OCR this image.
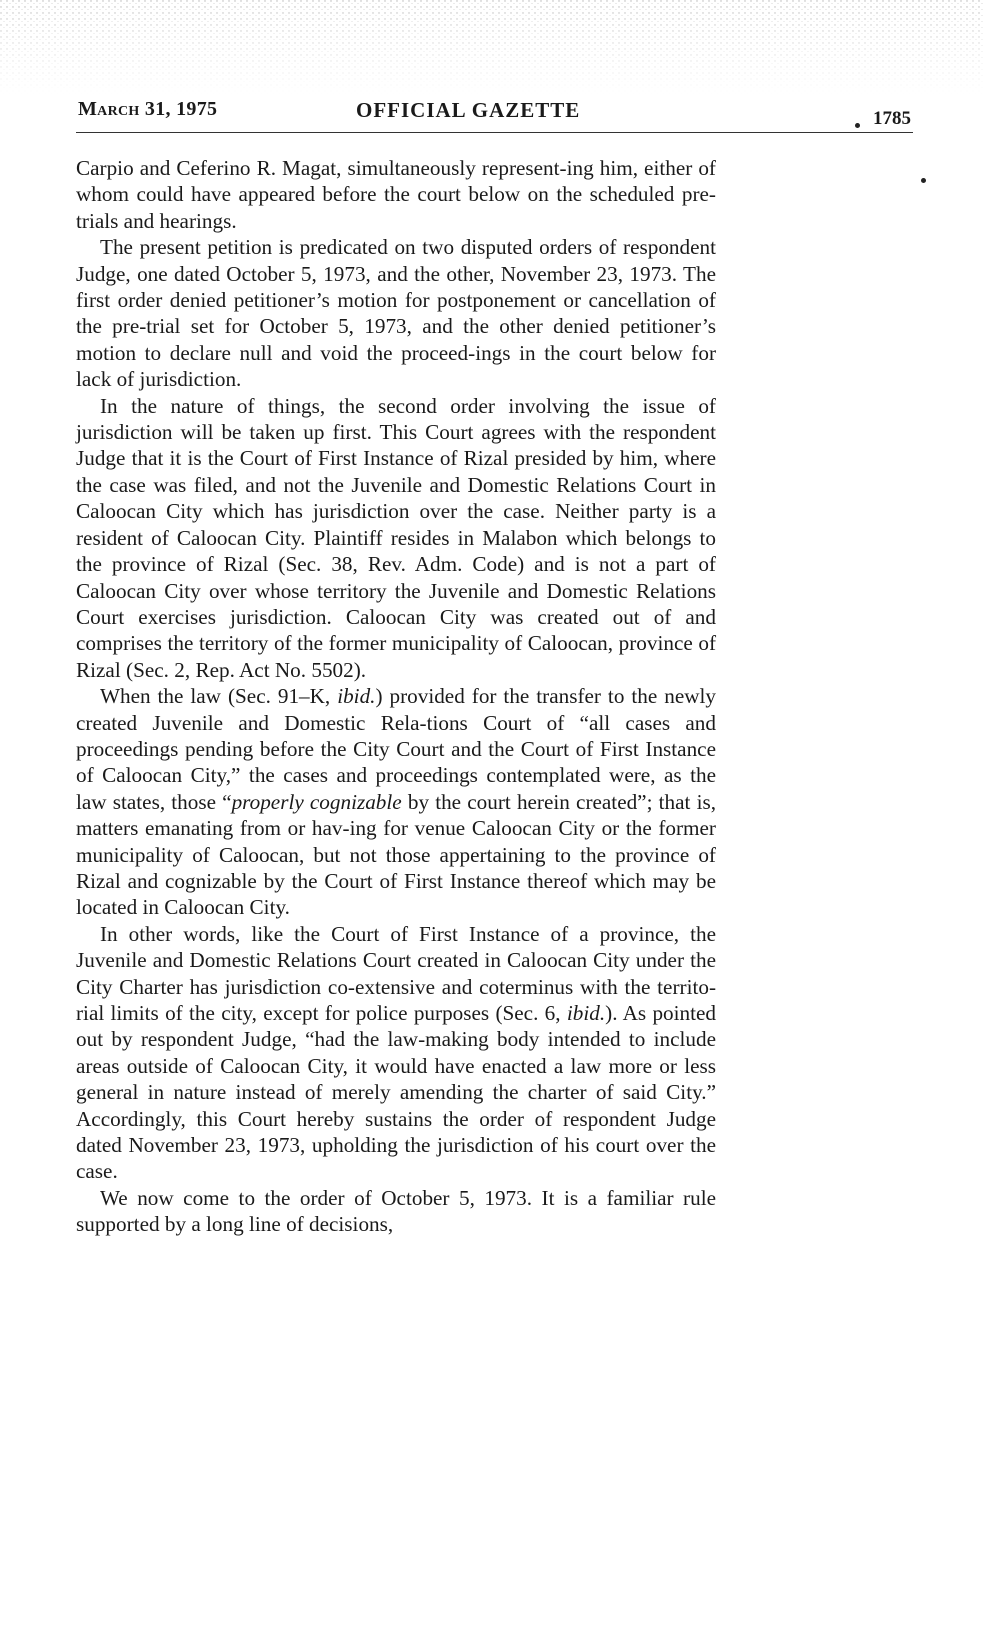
March 31, 1975	OFFICIAL GAZETTE	1785

Carpio and Ceferino R. Magat, simultaneously represent-ing him, either of whom could have appeared before the court below on the scheduled pre-trials and hearings.

The present petition is predicated on two disputed orders of respondent Judge, one dated October 5, 1973, and the other, November 23, 1973. The first order denied petitioner’s motion for postponement or cancellation of the pre-trial set for October 5, 1973, and the other denied petitioner’s motion to declare null and void the proceed-ings in the court below for lack of jurisdiction.

In the nature of things, the second order involving the issue of jurisdiction will be taken up first. This Court agrees with the respondent Judge that it is the Court of First Instance of Rizal presided by him, where the case was filed, and not the Juvenile and Domestic Relations Court in Caloocan City which has jurisdiction over the case. Neither party is a resident of Caloocan City. Plaintiff resides in Malabon which belongs to the province of Rizal (Sec. 38, Rev. Adm. Code) and is not a part of Caloocan City over whose territory the Juvenile and Domestic Relations Court exercises jurisdiction. Caloocan City was created out of and comprises the territory of the former municipality of Caloocan, province of Rizal (Sec. 2, Rep. Act No. 5502).

When the law (Sec. 91–K, ibid.) provided for the transfer to the newly created Juvenile and Domestic Rela-tions Court of “all cases and proceedings pending before the City Court and the Court of First Instance of Caloocan City,” the cases and proceedings contemplated were, as the law states, those “properly cognizable by the court herein created”; that is, matters emanating from or hav-ing for venue Caloocan City or the former municipality of Caloocan, but not those appertaining to the province of Rizal and cognizable by the Court of First Instance thereof which may be located in Caloocan City.

In other words, like the Court of First Instance of a province, the Juvenile and Domestic Relations Court created in Caloocan City under the City Charter has jurisdiction co-extensive and coterminus with the territo-rial limits of the city, except for police purposes (Sec. 6, ibid.). As pointed out by respondent Judge, “had the law-making body intended to include areas outside of Caloocan City, it would have enacted a law more or less general in nature instead of merely amending the charter of said City.” Accordingly, this Court hereby sustains the order of respondent Judge dated November 23, 1973, upholding the jurisdiction of his court over the case.

We now come to the order of October 5, 1973. It is a familiar rule supported by a long line of decisions,
